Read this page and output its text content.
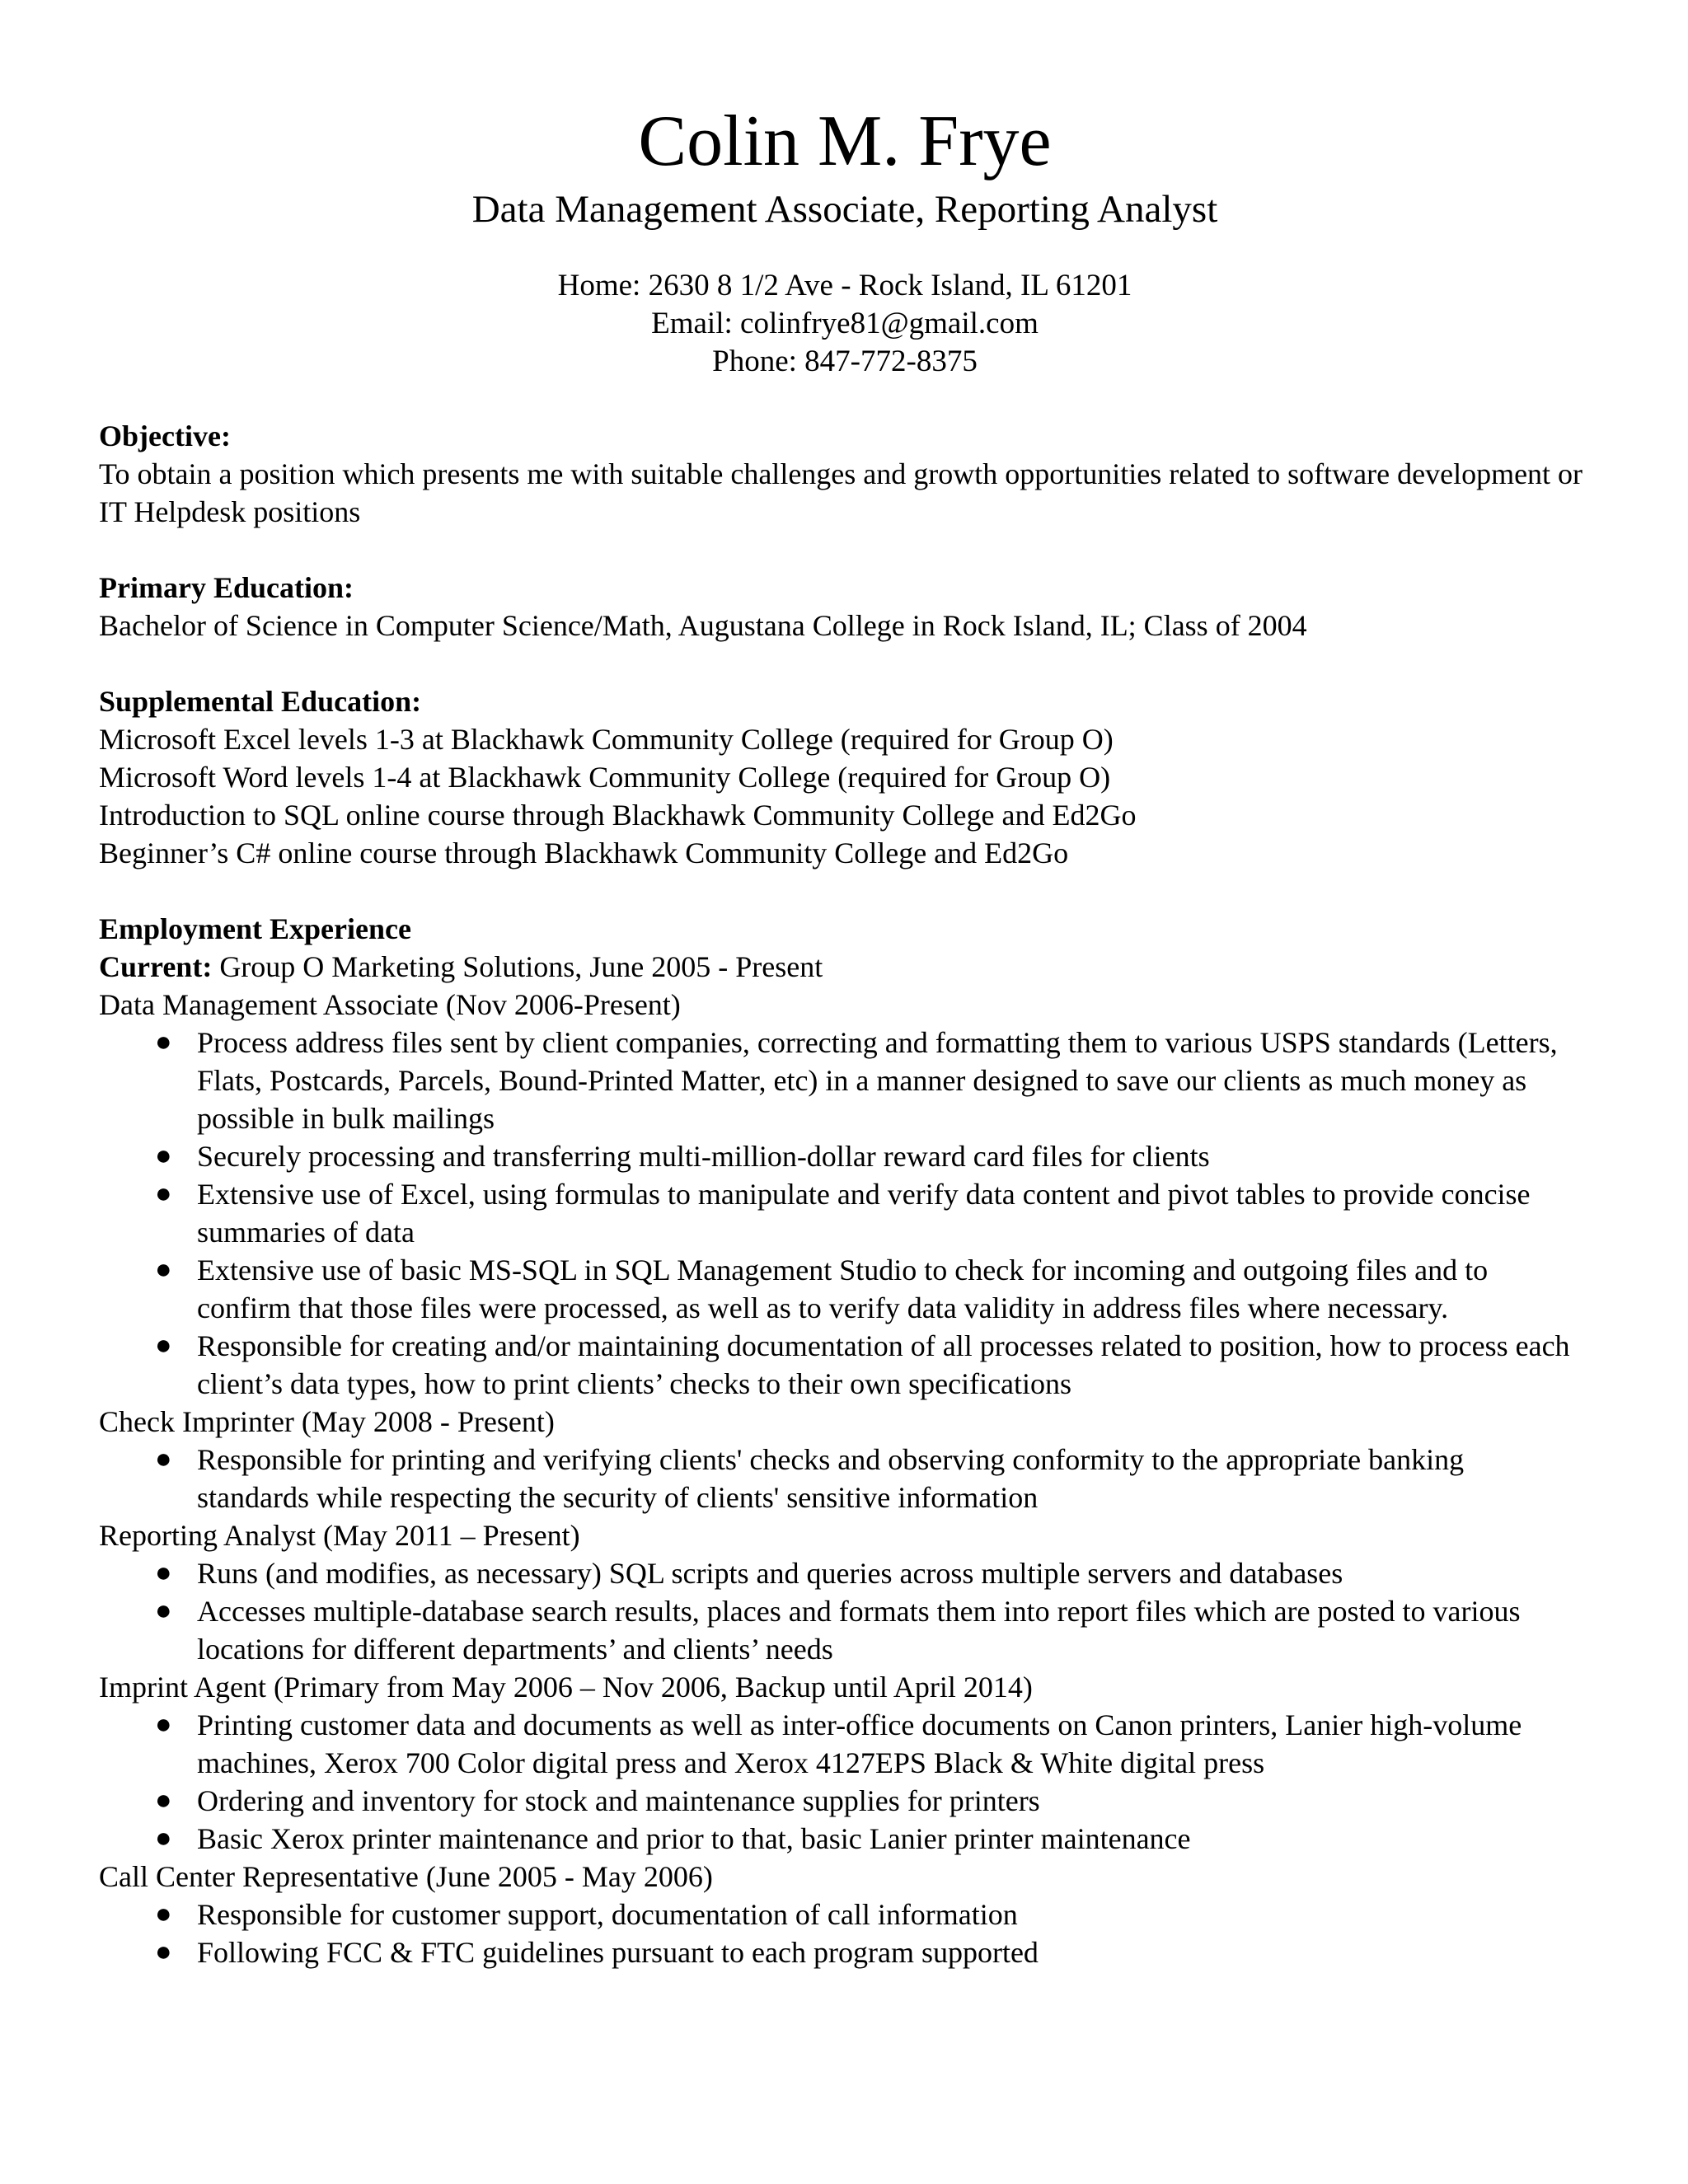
Colin M. Frye
Data Management Associate, Reporting Analyst
Home: 2630 8 1/2 Ave - Rock Island, IL 61201
Email: colinfrye81@gmail.com
Phone: 847-772-8375
Objective:
To obtain a position which presents me with suitable challenges and growth opportunities related to software development or IT Helpdesk positions
Primary Education:
Bachelor of Science in Computer Science/Math, Augustana College in Rock Island, IL; Class of 2004
Supplemental Education:
Microsoft Excel levels 1-3 at Blackhawk Community College (required for Group O)
Microsoft Word levels 1-4 at Blackhawk Community College (required for Group O)
Introduction to SQL online course through Blackhawk Community College and Ed2Go
Beginner’s C# online course through Blackhawk Community College and Ed2Go
Employment Experience
Current: Group O Marketing Solutions, June 2005 - Present
Data Management Associate (Nov 2006-Present)
● Process address files sent by client companies, correcting and formatting them to various USPS standards (Letters, Flats, Postcards, Parcels, Bound-Printed Matter, etc) in a manner designed to save our clients as much money as possible in bulk mailings
● Securely processing and transferring multi-million-dollar reward card files for clients
● Extensive use of Excel, using formulas to manipulate and verify data content and pivot tables to provide concise summaries of data
● Extensive use of basic MS-SQL in SQL Management Studio to check for incoming and outgoing files and to confirm that those files were processed, as well as to verify data validity in address files where necessary.
● Responsible for creating and/or maintaining documentation of all processes related to position, how to process each client’s data types, how to print clients’ checks to their own specifications
Check Imprinter (May 2008 - Present)
● Responsible for printing and verifying clients' checks and observing conformity to the appropriate banking standards while respecting the security of clients' sensitive information
Reporting Analyst (May 2011 – Present)
● Runs (and modifies, as necessary) SQL scripts and queries across multiple servers and databases
● Accesses multiple-database search results, places and formats them into report files which are posted to various locations for different departments’ and clients’ needs
Imprint Agent (Primary from May 2006 – Nov 2006, Backup until April 2014)
● Printing customer data and documents as well as inter-office documents on Canon printers, Lanier high-volume machines, Xerox 700 Color digital press and Xerox 4127EPS Black & White digital press
● Ordering and inventory for stock and maintenance supplies for printers
● Basic Xerox printer maintenance and prior to that, basic Lanier printer maintenance
Call Center Representative (June 2005 - May 2006)
● Responsible for customer support, documentation of call information
● Following FCC & FTC guidelines pursuant to each program supported
